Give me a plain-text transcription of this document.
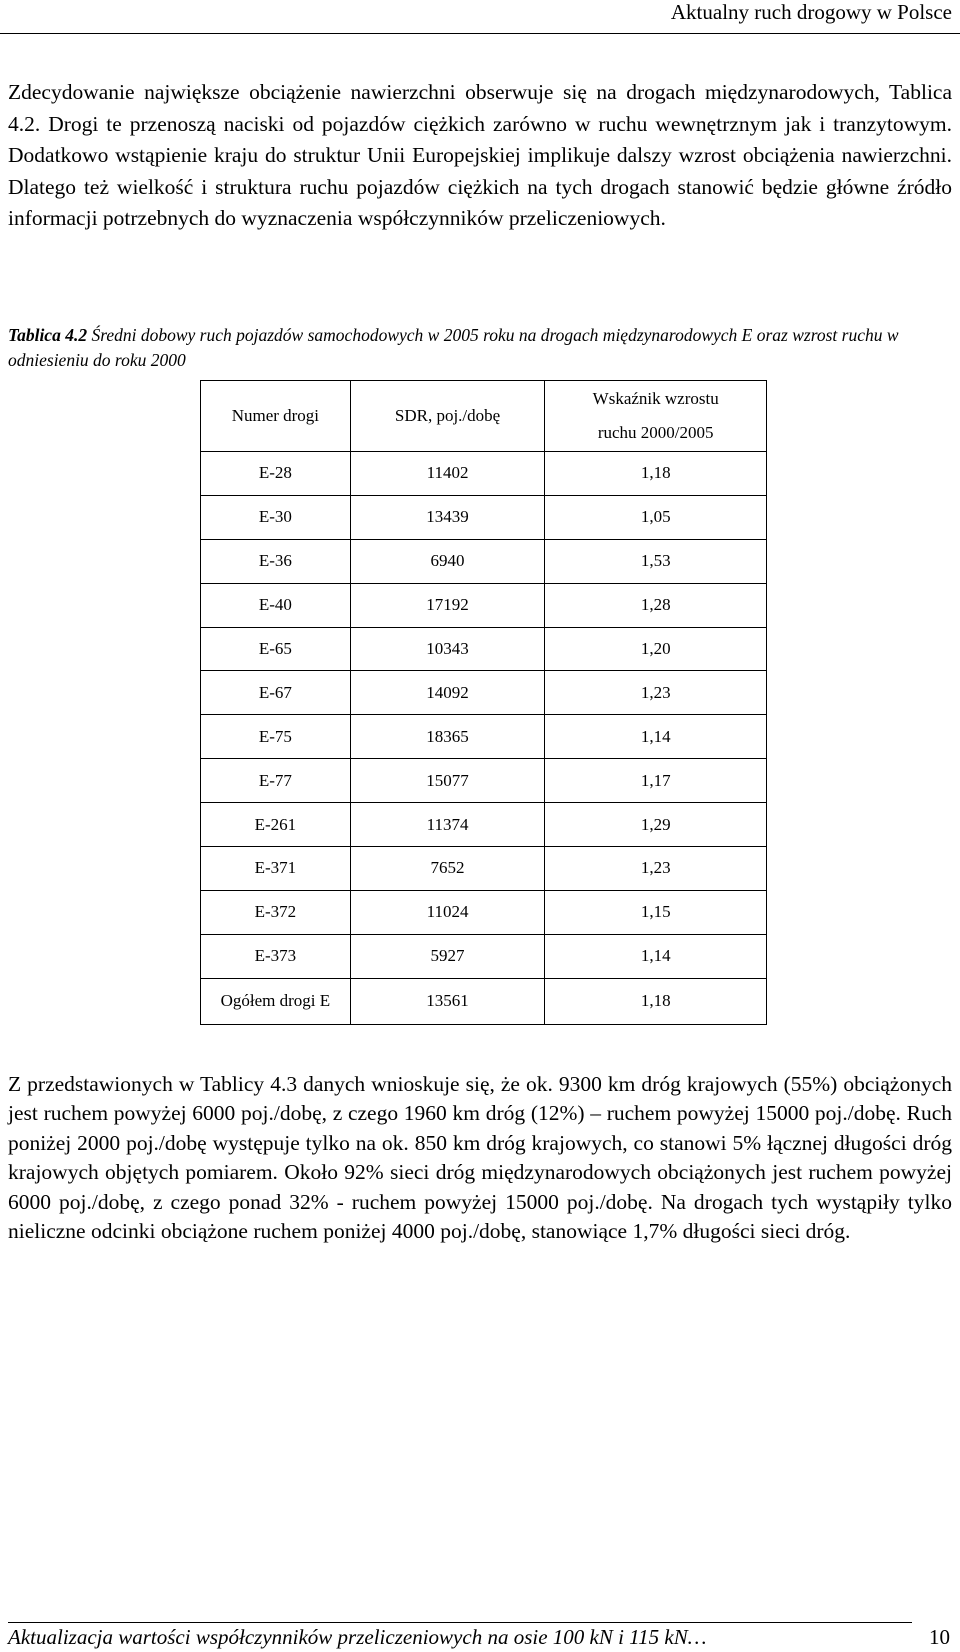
Aktualny ruch drogowy w Polsce
Zdecydowanie największe obciążenie nawierzchni obserwuje się na drogach międzynarodowych, Tablica 4.2. Drogi te przenoszą naciski od pojazdów ciężkich zarówno w ruchu wewnętrznym jak i tranzytowym. Dodatkowo wstąpienie kraju do struktur Unii Europejskiej implikuje dalszy wzrost obciążenia nawierzchni. Dlatego też wielkość i struktura ruchu pojazdów ciężkich na tych drogach stanowić będzie główne źródło informacji potrzebnych do wyznaczenia współczynników przeliczeniowych.
Tablica 4.2 Średni dobowy ruch pojazdów samochodowych w 2005 roku na drogach międzynarodowych E oraz wzrost ruchu w odniesieniu do roku 2000
Numer drogi	SDR, poj./dobę	Wskaźnik wzrostu
ruchu 2000/2005

E-28	11402	1,18
E-30	13439	1,05
E-36	6940	1,53
E-40	17192	1,28
E-65	10343	1,20
E-67	14092	1,23
E-75	18365	1,14
E-77	15077	1,17
E-261	11374	1,29
E-371	7652	1,23
E-372	11024	1,15
E-373	5927	1,14
Ogółem drogi E	13561	1,18
Z przedstawionych w Tablicy 4.3 danych wnioskuje się, że ok. 9300 km dróg krajowych (55%) obciążonych jest ruchem powyżej 6000 poj./dobę, z czego 1960 km dróg (12%) – ruchem powyżej 15000 poj./dobę. Ruch poniżej 2000 poj./dobę występuje tylko na ok. 850 km dróg krajowych, co stanowi 5% łącznej długości dróg krajowych objętych pomiarem. Około 92% sieci dróg międzynarodowych obciążonych jest ruchem powyżej 6000 poj./dobę, z czego ponad 32% - ruchem powyżej 15000 poj./dobę. Na drogach tych wystąpiły tylko nieliczne odcinki obciążone ruchem poniżej 4000 poj./dobę, stanowiące 1,7% długości sieci dróg.
Aktualizacja wartości współczynników przeliczeniowych na osie 100 kN i 115 kN…	10
